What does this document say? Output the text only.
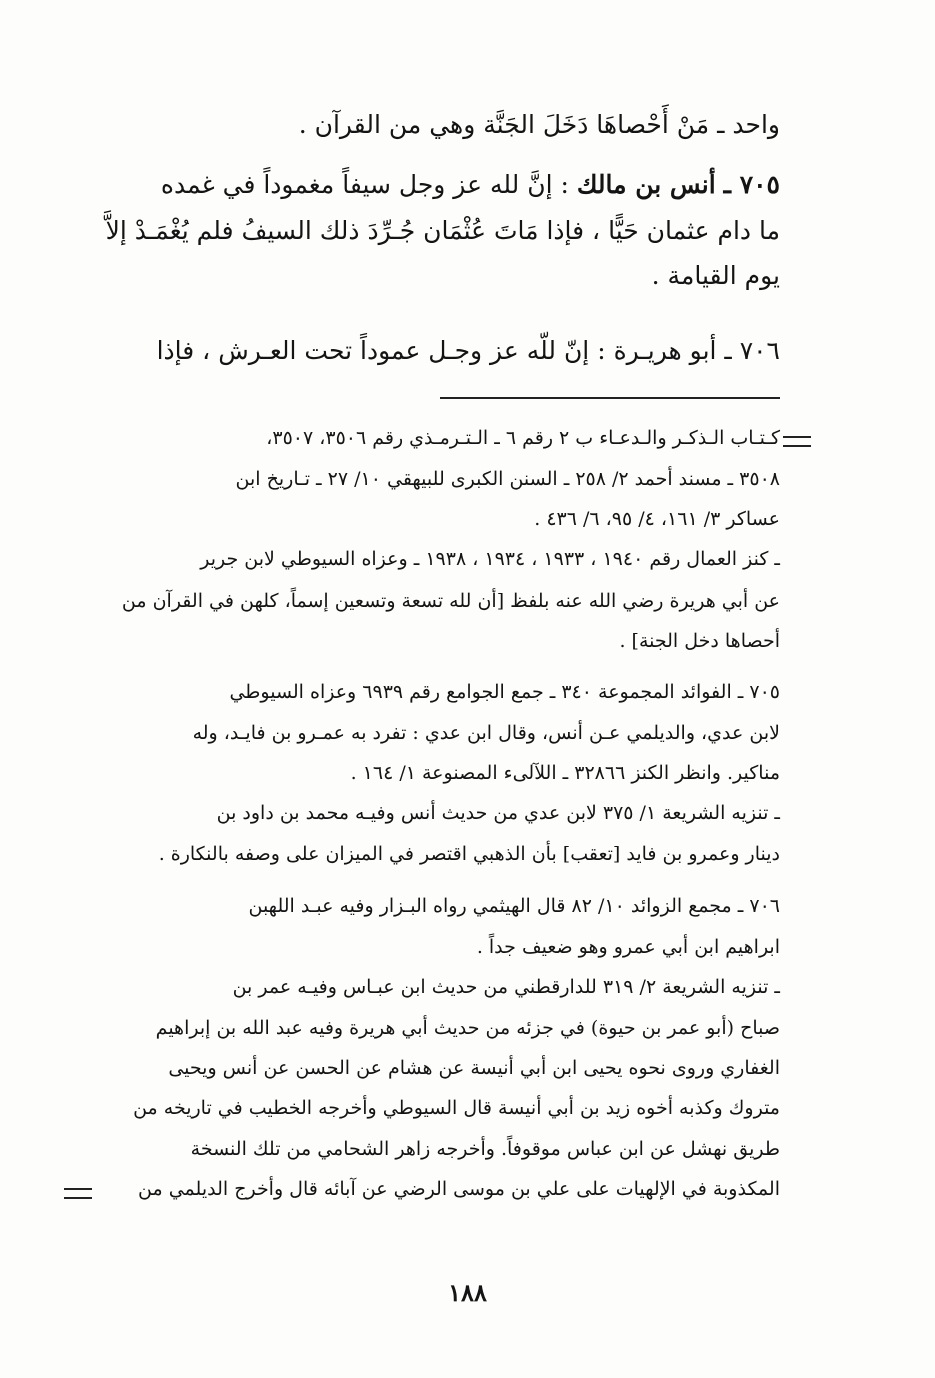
واحد ـ مَنْ أَحْصاهَا دَخَلَ الجَنَّة وهي من القرآن .
٧٠٥ ـ أنس بن مالك : إنَّ لله عز وجل سيفاً مغموداً في غمده
ما دام عثمان حَيًّا ، فإذا مَاتَ عُثْمَان جُـرِّدَ ذلك السيفُ فلم يُغْمَـدْ إلاَّ
يوم القيامة .
٧٠٦ ـ أبو هريـرة : إنّ للّه عز وجـل عموداً تحت العـرش ، فإذا
كـتـاب الـذكـر والـدعـاء ب ٢ رقم ٦ ـ الـتـرمـذي رقم ٣٥٠٦، ٣٥٠٧،
٣٥٠٨ ـ مسند أحمد ٢/ ٢٥٨ ـ السنن الكبرى للبيهقي ١٠/ ٢٧ ـ تـاريخ ابن
عساكر ٣/ ١٦١، ٤/ ٩٥، ٦/ ٤٣٦ .
ـ كنز العمال رقم ١٩٤٠ ، ١٩٣٣ ، ١٩٣٤ ، ١٩٣٨ ـ وعزاه السيوطي لابن جرير
عن أبي هريرة رضي الله عنه بلفظ [أن لله تسعة وتسعين إسماً، كلهن في القرآن من
أحصاها دخل الجنة] .
٧٠٥ ـ الفوائد المجموعة ٣٤٠ ـ جمع الجوامع رقم ٦٩٣٩ وعزاه السيوطي
لابن عدي، والديلمي عـن أنس، وقال ابن عدي : تفرد به عمـرو بن فايـد، وله
مناكير. وانظر الكنز ٣٢٨٦٦ ـ اللآلىء المصنوعة ١/ ١٦٤ .
ـ تنزيه الشريعة ١/ ٣٧٥ لابن عدي من حديث أنس وفيـه محمد بن داود بن
دينار وعمرو بن فايد [تعقب] بأن الذهبي اقتصر في الميزان على وصفه بالنكارة .
٧٠٦ ـ مجمع الزوائد ١٠/ ٨٢ قال الهيثمي رواه البـزار وفيه عبـد اللهبن
ابراهيم ابن أبي عمرو وهو ضعيف جداً .
ـ تنزيه الشريعة ٢/ ٣١٩ للدارقطني من حديث ابن عبـاس وفيـه عمر بن
صباح (أبو عمر بن حيوة) في جزئه من حديث أبي هريرة وفيه عبد الله بن إبراهيم
الغفاري وروى نحوه يحيى ابن أبي أنيسة عن هشام عن الحسن عن أنس ويحيى
متروك وكذبه أخوه زيد بن أبي أنيسة قال السيوطي وأخرجه الخطيب في تاريخه من
طريق نهشل عن ابن عباس موقوفاً. وأخرجه زاهر الشحامي من تلك النسخة
المكذوبة في الإلهيات على علي بن موسى الرضي عن آبائه قال وأخرج الديلمي من
١٨٨
